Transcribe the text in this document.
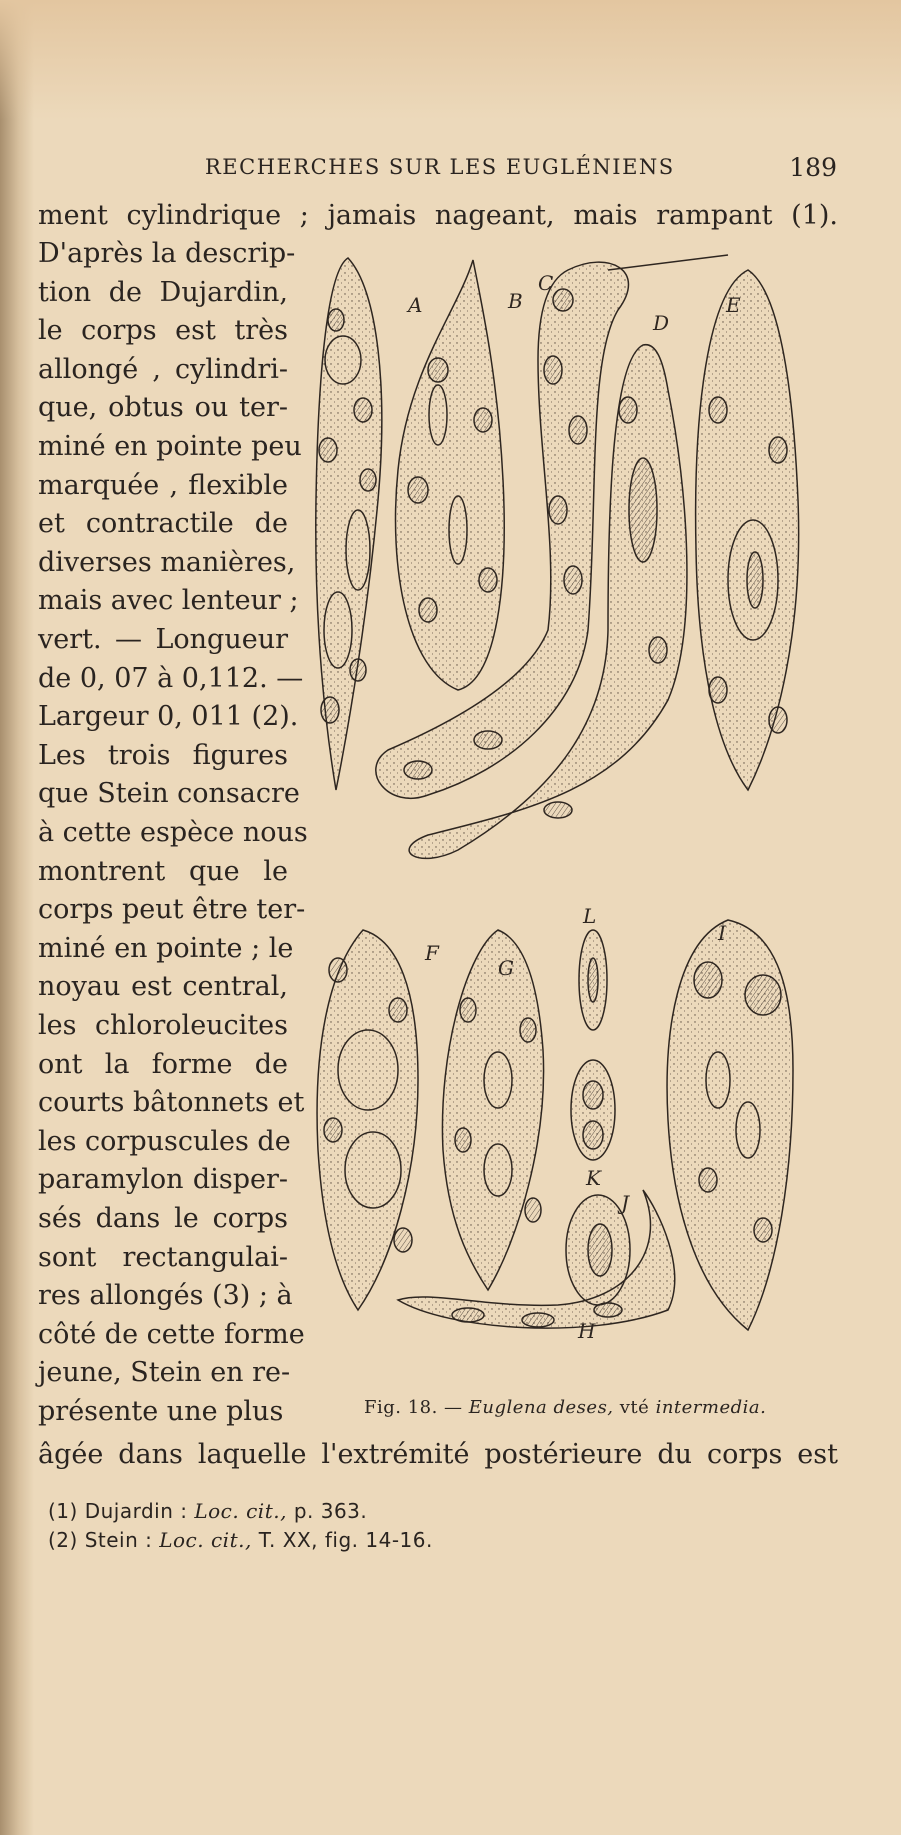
RECHERCHES SUR LES EUGLÉNIENS	189
ment cylindrique ; jamais nageant, mais rampant (1).
D'après la descrip-
tion de Dujardin,
le corps est très
allongé , cylindri-
que, obtus ou ter-
miné en pointe peu
marquée , flexible
et contractile de
diverses manières,
mais avec lenteur ;
vert. — Longueur
de 0, 07 à 0,112. —
Largeur 0, 011 (2).
Les trois figures
que Stein consacre
à cette espèce nous
montrent que le
corps peut être ter-
miné en pointe ; le
noyau est central,
les chloroleucites
ont la forme de
courts bâtonnets et
les corpuscules de
paramylon disper-
sés dans le corps
sont rectangulai-
res allongés (3) ; à
côté de cette forme
jeune, Stein en re-
présente une plus
âgée dans laquelle l'extrémité postérieure du corps est
A	B
C
D
E
F
G
L
I
K
J
H
Fig. 18. — Euglena deses, vté intermedia.
(1) Dujardin : Loc. cit., p. 363.
(2) Stein : Loc. cit., T. XX, fig. 14-16.
